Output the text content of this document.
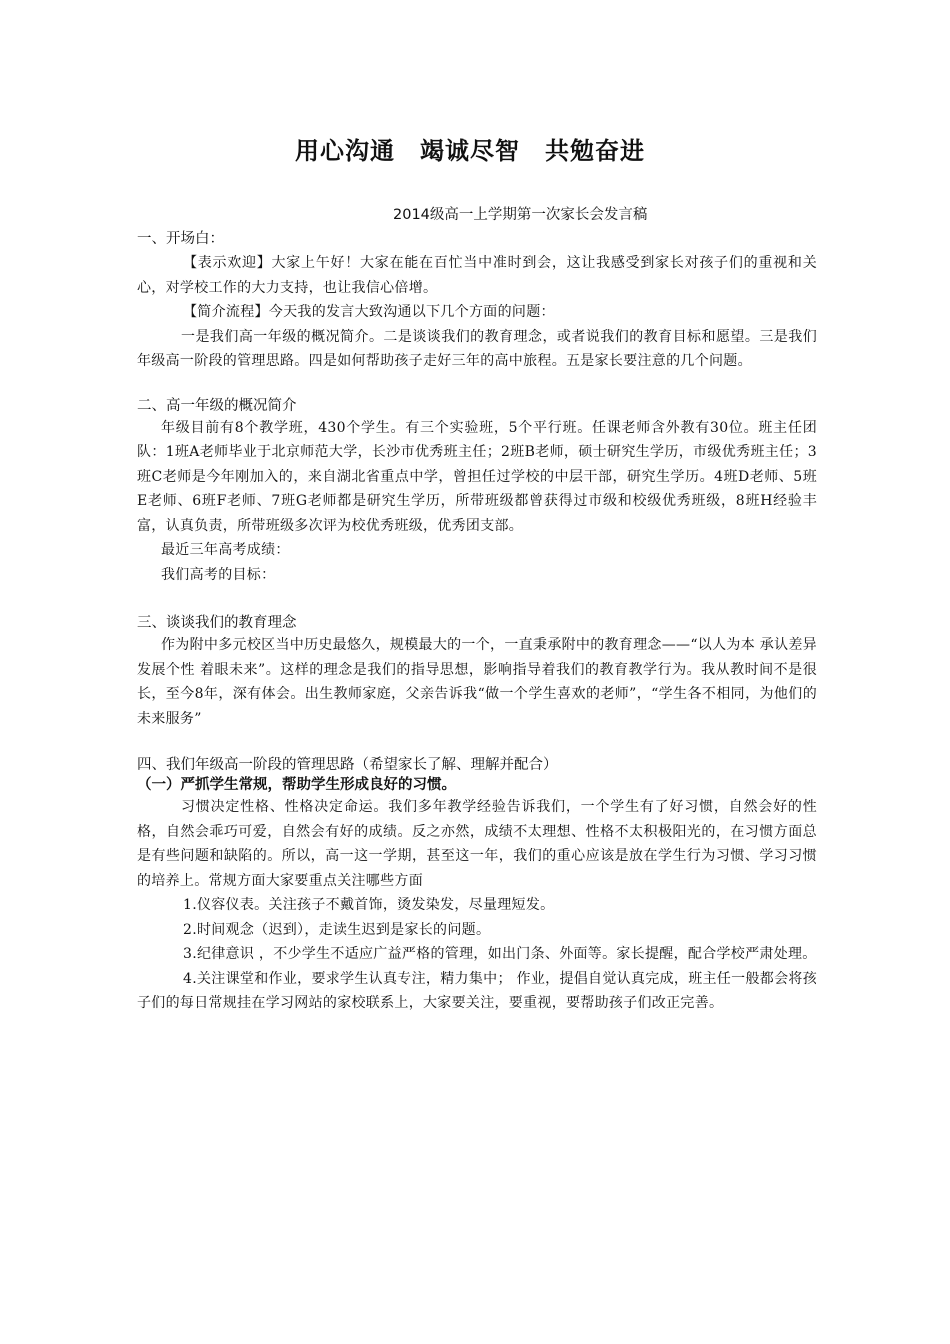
用心沟通　竭诚尽智　共勉奋进
2014级高一上学期第一次家长会发言稿
一、开场白：

【表示欢迎】大家上午好！大家在能在百忙当中准时到会，这让我感受到家长对孩子们的重视和关心，对学校工作的大力支持，也让我信心倍增。

【简介流程】今天我的发言大致沟通以下几个方面的问题：

一是我们高一年级的概况简介。二是谈谈我们的教育理念，或者说我们的教育目标和愿望。三是我们年级高一阶段的管理思路。四是如何帮助孩子走好三年的高中旅程。五是家长要注意的几个问题。

二、高一年级的概况简介

年级目前有8个教学班，430个学生。有三个实验班，5个平行班。任课老师含外教有30位。班主任团队：1班A老师毕业于北京师范大学，长沙市优秀班主任；2班B老师，硕士研究生学历，市级优秀班主任；3班C老师是今年刚加入的，来自湖北省重点中学，曾担任过学校的中层干部，研究生学历。4班D老师、5班E老师、6班F老师、7班G老师都是研究生学历，所带班级都曾获得过市级和校级优秀班级，8班H经验丰富，认真负责，所带班级多次评为校优秀班级，优秀团支部。

最近三年高考成绩：

我们高考的目标：

三、谈谈我们的教育理念

作为附中多元校区当中历史最悠久，规模最大的一个，一直秉承附中的教育理念——“以人为本 承认差异 发展个性 着眼未来”。这样的理念是我们的指导思想，影响指导着我们的教育教学行为。我从教时间不是很长，至今8年，深有体会。出生教师家庭，父亲告诉我“做一个学生喜欢的老师”，“学生各不相同，为他们的未来服务”

四、我们年级高一阶段的管理思路（希望家长了解、理解并配合）
（一）严抓学生常规，帮助学生形成良好的习惯。

习惯决定性格、性格决定命运。我们多年教学经验告诉我们，一个学生有了好习惯，自然会好的性格，自然会乖巧可爱，自然会有好的成绩。反之亦然，成绩不太理想、性格不太积极阳光的，在习惯方面总是有些问题和缺陷的。所以，高一这一学期，甚至这一年，我们的重心应该是放在学生行为习惯、学习习惯的培养上。常规方面大家要重点关注哪些方面

1.仪容仪表。关注孩子不戴首饰，烫发染发，尽量理短发。

2.时间观念（迟到），走读生迟到是家长的问题。

3.纪律意识 ，不少学生不适应广益严格的管理，如出门条、外面等。家长提醒，配合学校严肃处理。

4.关注课堂和作业，要求学生认真专注，精力集中； 作业，提倡自觉认真完成，班主任一般都会将孩子们的每日常规挂在学习网站的家校联系上，大家要关注，要重视，要帮助孩子们改正完善。
